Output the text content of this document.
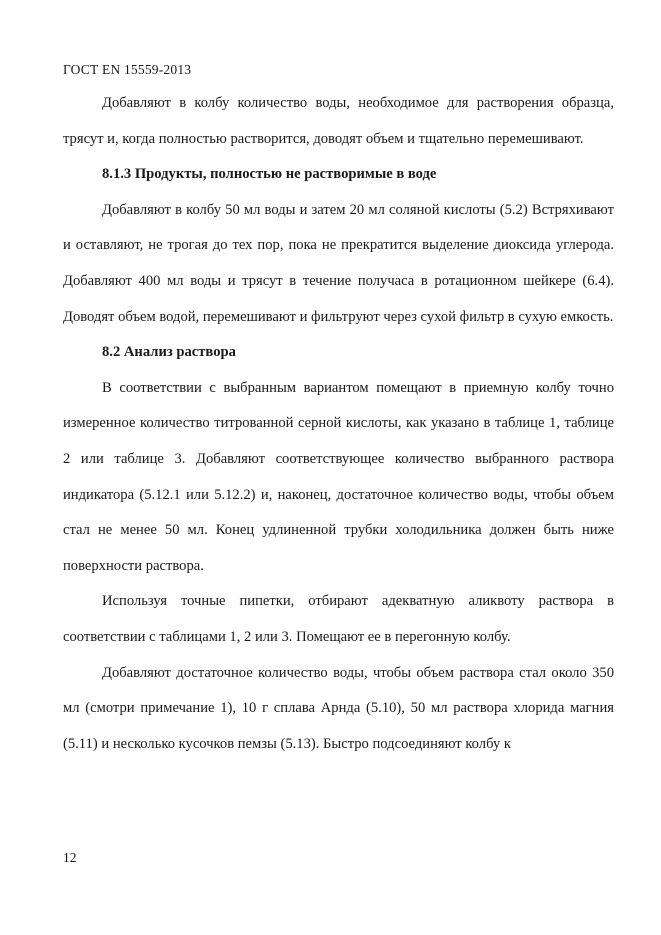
ГОСТ EN 15559-2013

Добавляют в колбу количество воды, необходимое для растворения образца, трясут и, когда полностью растворится, доводят объем и тщательно перемешивают.

8.1.3 Продукты, полностью не растворимые в воде

Добавляют в колбу 50 мл воды и затем 20 мл соляной кислоты (5.2) Встряхивают и оставляют, не трогая до тех пор, пока не прекратится выделение диоксида углерода. Добавляют 400 мл воды и трясут в течение получаса в ротационном шейкере (6.4). Доводят объем водой, перемешивают и фильтруют через сухой фильтр в сухую емкость.

8.2 Анализ раствора

В соответствии с выбранным вариантом помещают в приемную колбу точно измеренное количество титрованной серной кислоты, как указано в таблице 1, таблице 2 или таблице 3. Добавляют соответствующее количество выбранного раствора индикатора (5.12.1 или 5.12.2) и, наконец, достаточное количество воды, чтобы объем стал не менее 50 мл. Конец удлиненной трубки холодильника должен быть ниже поверхности раствора.

Используя точные пипетки, отбирают адекватную аликвоту раствора в соответствии с таблицами 1, 2 или 3. Помещают ее в перегонную колбу.

Добавляют достаточное количество воды, чтобы объем раствора стал около 350 мл (смотри примечание 1), 10 г сплава Арнда (5.10), 50 мл раствора хлорида магния (5.11) и несколько кусочков пемзы (5.13). Быстро подсоединяют колбу к

12
